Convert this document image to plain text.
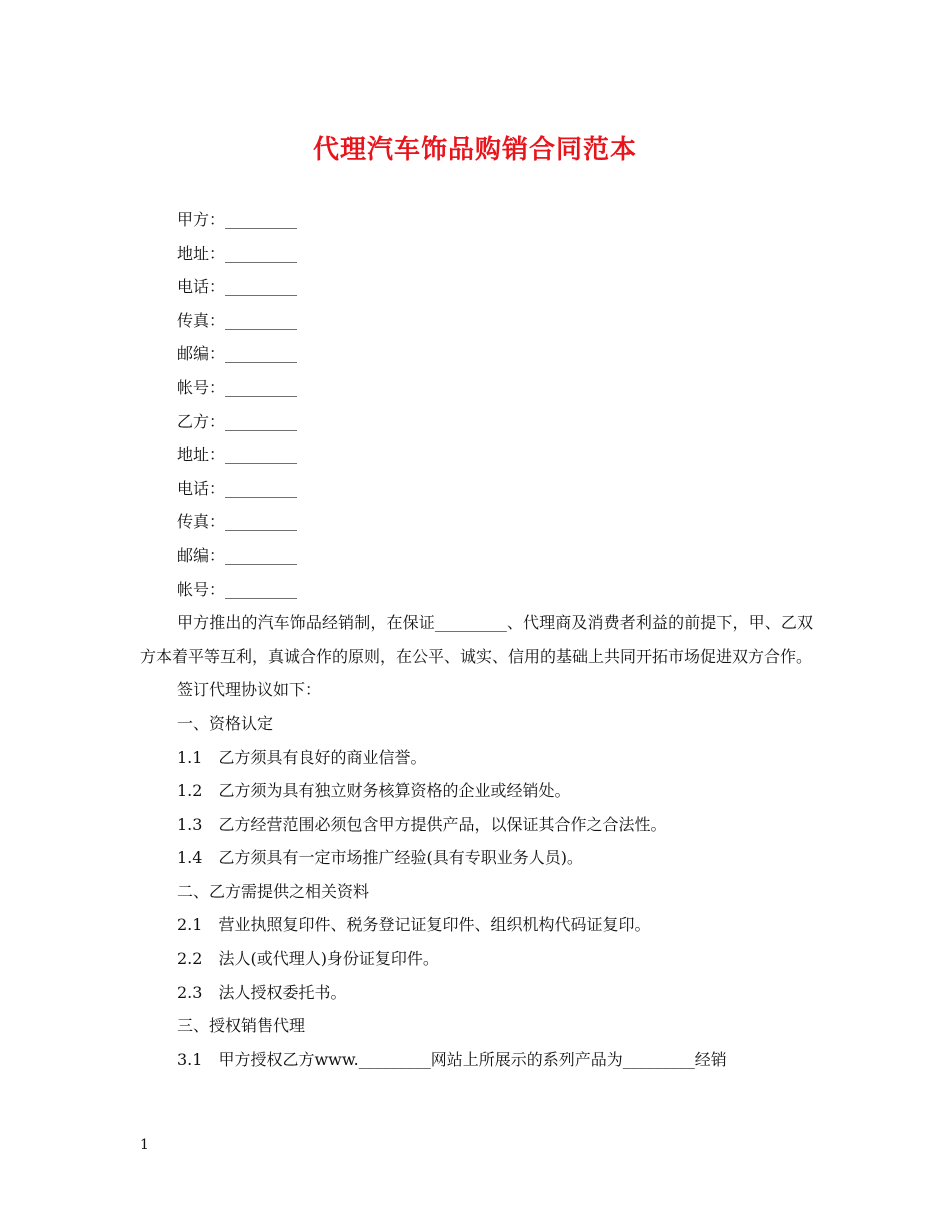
代理汽车饰品购销合同范本

甲方：_________

地址：_________

电话：_________

传真：_________

邮编：_________

帐号：_________

乙方：_________

地址：_________

电话：_________

传真：_________

邮编：_________

帐号：_________

甲方推出的汽车饰品经销制，在保证_________、代理商及消费者利益的前提下，甲、乙双方本着平等互利，真诚合作的原则，在公平、诚实、信用的基础上共同开拓市场促进双方合作。

签订代理协议如下：

一、资格认定

1.1　乙方须具有良好的商业信誉。

1.2　乙方须为具有独立财务核算资格的企业或经销处。

1.3　乙方经营范围必须包含甲方提供产品，以保证其合作之合法性。

1.4　乙方须具有一定市场推广经验(具有专职业务人员)。

二、乙方需提供之相关资料

2.1　营业执照复印件、税务登记证复印件、组织机构代码证复印。

2.2　法人(或代理人)身份证复印件。

2.3　法人授权委托书。

三、授权销售代理

3.1　甲方授权乙方www._________网站上所展示的系列产品为_________经销

1
